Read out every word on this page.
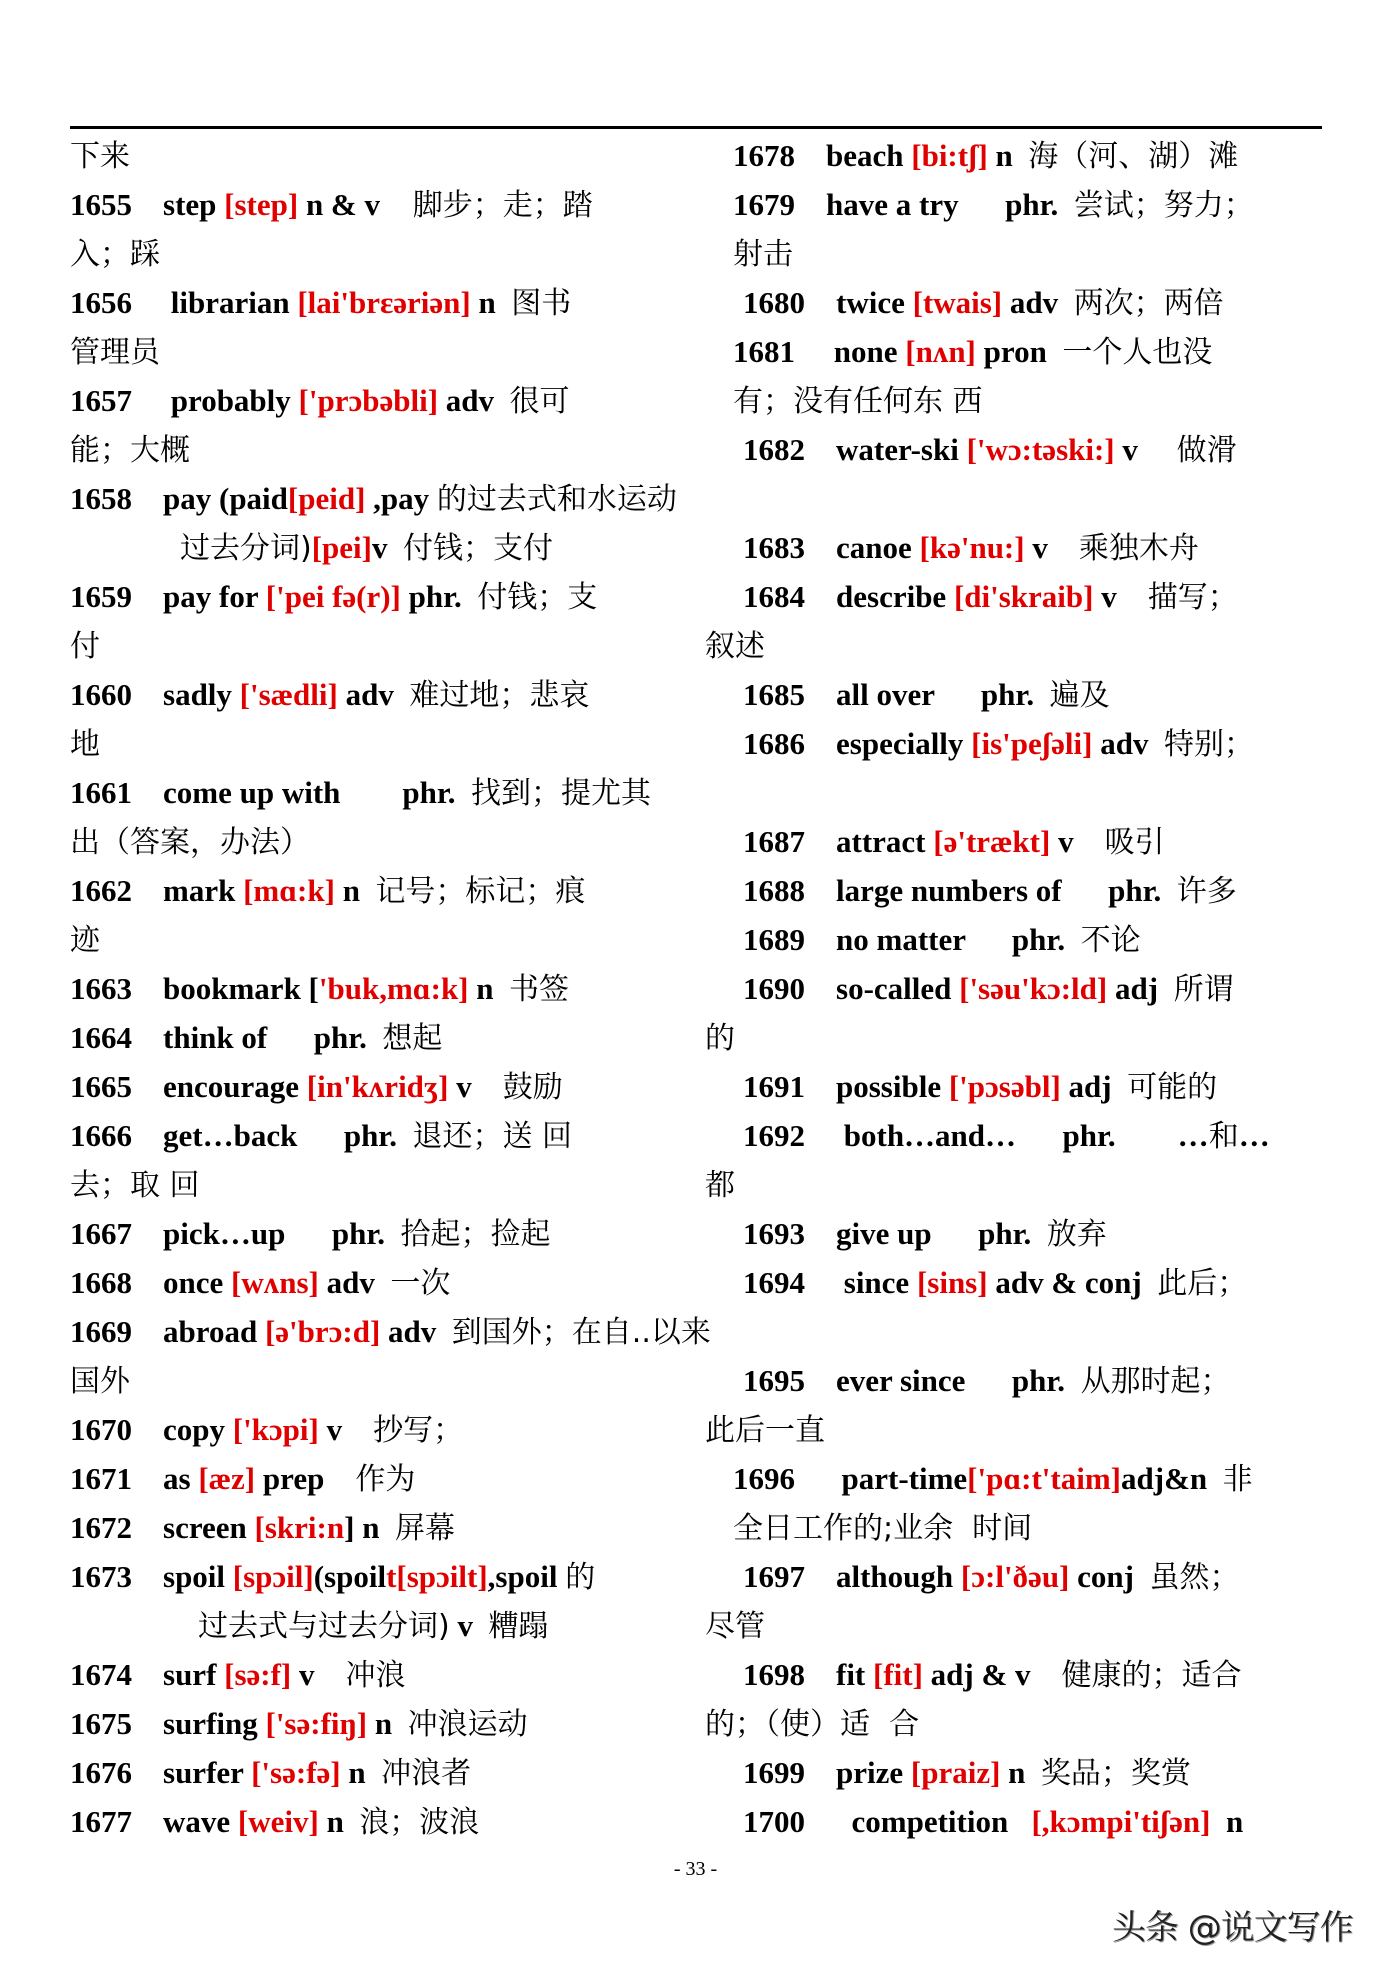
下来
1655    step [step] n & v    脚步；走；踏
入；踩
1656     librarian [lai'brɛəriən] n  图书
管理员
1657     probably ['prɔbəbli] adv  很可
能；大概
1658    pay (paid[peid] ,pay 的过去式和水运动
过去分词)[pei]v  付钱；支付
1659    pay for ['pei fə(r)] phr.  付钱；支
付
1660    sadly ['sædli] adv  难过地；悲哀
地
1661    come up with        phr.  找到；提尤其
出（答案，办法）
1662    mark [mɑ:k] n  记号；标记；痕
迹
1663    bookmark ['buk,mɑ:k] n  书签
1664    think of      phr.  想起
1665    encourage [in'kʌridʒ] v    鼓励
1666    get…back      phr.  退还；送 回
去；取 回
1667    pick…up      phr.  拾起；捡起
1668    once [wʌns] adv  一次
1669    abroad [ə'brɔ:d] adv  到国外；在自..以来
国外
1670    copy ['kɔpi] v    抄写；
1671    as [æz] prep    作为
1672    screen [skri:n] n  屏幕
1673    spoil [spɔil](spoilt[spɔilt],spoil 的
过去式与过去分词) v  糟蹋
1674    surf [sə:f] v    冲浪
1675    surfing ['sə:fiŋ] n  冲浪运动
1676    surfer ['sə:fə] n  冲浪者
1677    wave [weiv] n  浪；波浪
1678    beach [bi:tʃ] n  海（河、湖）滩
1679    have a try      phr.  尝试；努力；
射击
1680    twice [twais] adv  两次；两倍
1681     none [nʌn] pron  一个人也没
有；没有任何东 西
1682    water-ski ['wɔ:təski:] v     做滑
1683    canoe [kə'nu:] v    乘独木舟
1684    describe [di'skraib] v    描写；
叙述
1685    all over      phr.  遍及
1686    especially [is'peʃəli] adv  特别；
1687    attract [ə'trækt] v    吸引
1688    large numbers of      phr.  许多
1689    no matter      phr.  不论
1690    so-called ['səu'kɔ:ld] adj  所谓
的
1691    possible ['pɔsəbl] adj  可能的
1692     both…and…      phr.        …和…
都
1693    give up      phr.  放弃
1694     since [sins] adv & conj  此后；
1695    ever since      phr.  从那时起；
此后一直
1696      part-time['pɑ:t'taim]adj&n  非
全日工作的;业余  时间
1697    although [ɔ:l'ðəu] conj  虽然；
尽管
1698    fit [fit] adj & v    健康的；适合
的；（使）适  合
1699    prize [praiz] n  奖品；奖赏
1700      competition   [,kɔmpi'tiʃən]  n
- 33 -
头条 @说文写作
